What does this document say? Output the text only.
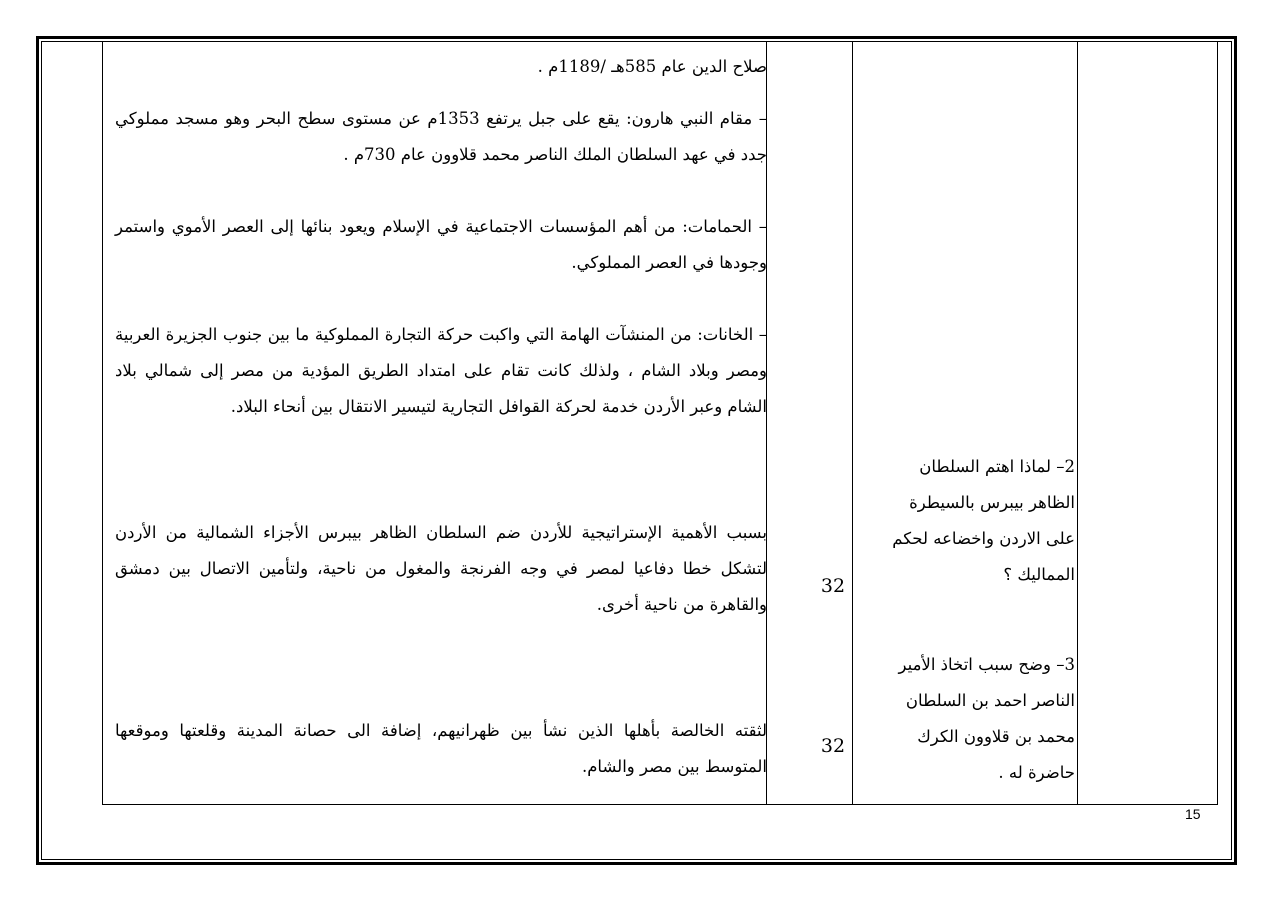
صلاح الدين عام 585هـ /1189م .

– مقام النبي هارون: يقع على جبل يرتفع 1353م عن مستوى سطح البحر وهو مسجد مملوكي جدد في عهد السلطان الملك الناصر محمد قلاوون عام 730م .

– الحمامات: من أهم المؤسسات الاجتماعية في الإسلام ويعود بنائها إلى العصر الأموي واستمر وجودها في العصر المملوكي.

– الخانات: من المنشآت الهامة التي واكبت حركة التجارة المملوكية ما بين جنوب الجزيرة العربية ومصر وبلاد الشام ، ولذلك كانت تقام على امتداد الطريق المؤدية من مصر إلى شمالي بلاد الشام وعبر الأردن خدمة لحركة القوافل التجارية لتيسير الانتقال بين أنحاء البلاد.

بسبب الأهمية الإستراتيجية للأردن ضم السلطان الظاهر بيبرس الأجزاء الشمالية من الأردن لتشكل خطا دفاعيا لمصر في وجه الفرنجة والمغول من ناحية، ولتأمين الاتصال بين دمشق والقاهرة من ناحية أخرى.

لثقته الخالصة بأهلها الذين نشأ بين ظهرانيهم، إضافة الى حصانة المدينة وقلعتها وموقعها المتوسط بين مصر والشام.

32
32

2– لماذا اهتم السلطان الظاهر بيبرس بالسيطرة على الاردن واخضاعه لحكم المماليك ؟

3– وضح سبب اتخاذ الأمير الناصر احمد بن السلطان محمد بن قلاوون الكرك حاضرة له .

15
